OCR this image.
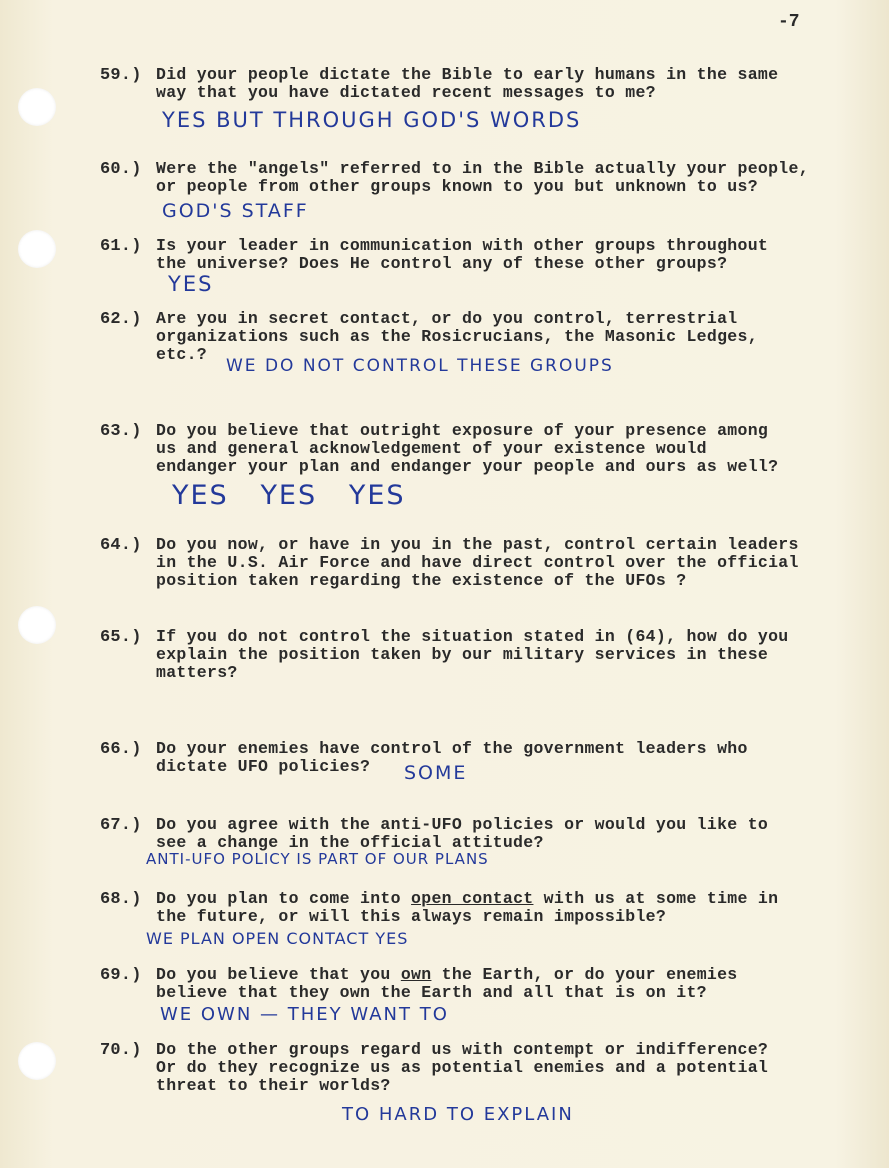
-7
59.) Did your people dictate the Bible to early humans in the same
way that you have dictated recent messages to me?
YES BUT THROUGH GOD'S WORDS
60.) Were the "angels" referred to in the Bible actually your people,
or people from other groups known to you but unknown to us?
GOD'S STAFF
61.) Is your leader in communication with other groups throughout
the universe? Does He control any of these other groups?
YES
62.) Are you in secret contact, or do you control, terrestrial
organizations such as the Rosicrucians, the Masonic Ledges,
etc.?
WE DO NOT CONTROL THESE GROUPS
63.) Do you believe that outright exposure of your presence among
us and general acknowledgement of your existence would
endanger your plan and endanger your people and ours as well?
YES   YES   YES
64.) Do you now, or have in you in the past, control certain leaders
in the U.S. Air Force and have direct control over the official
position taken regarding the existence of the UFOs ?
65.) If you do not control the situation stated in (64), how do you
explain the position taken by our military services in these
matters?
66.) Do your enemies have control of the government leaders who
dictate UFO policies?	SOME
67.) Do you agree with the anti-UFO policies or would you like to
see a change in the official attitude?
ANTI-UFO POLICY IS PART OF OUR PLANS
68.) Do you plan to come into open contact with us at some time in
the future, or will this always remain impossible?
WE PLAN OPEN CONTACT YES
69.) Do you believe that you own the Earth, or do your enemies
believe that they own the Earth and all that is on it?
WE OWN — THEY WANT TO
70.) Do the other groups regard us with contempt or indifference?
Or do they recognize us as potential enemies and a potential
threat to their worlds?
TO HARD TO EXPLAIN
